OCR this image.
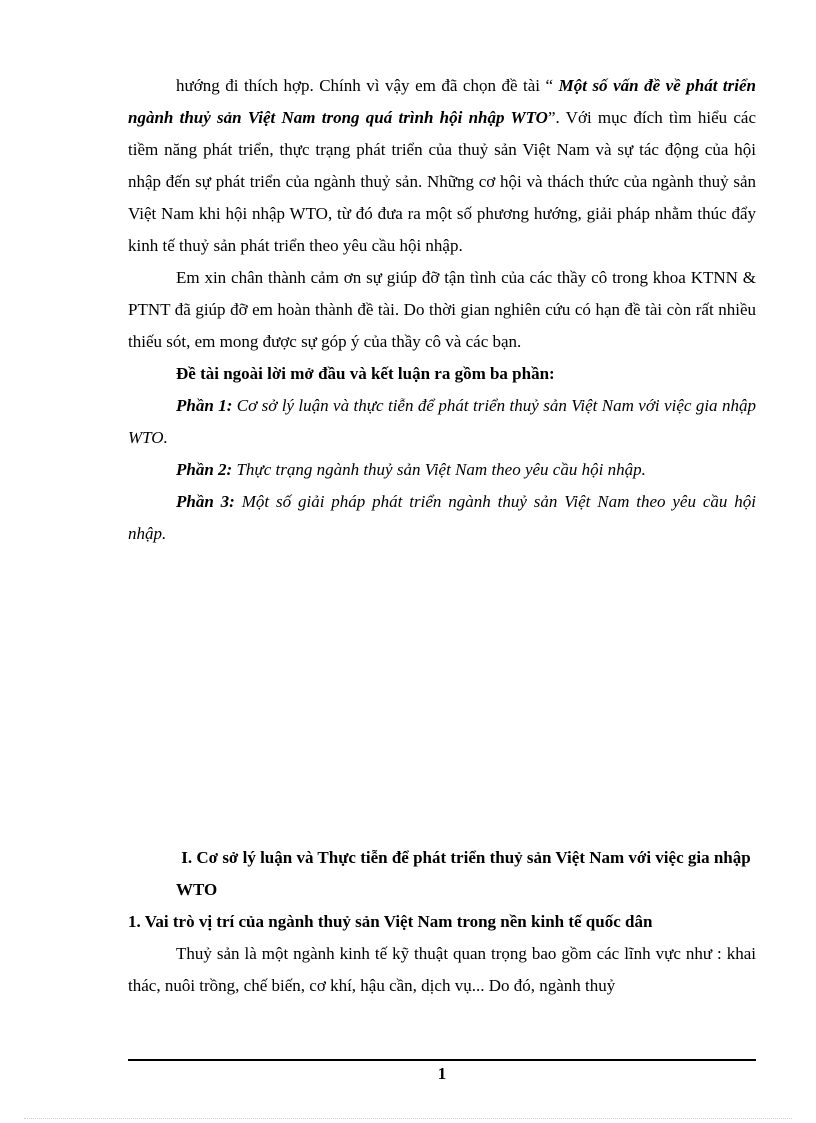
hướng đi thích hợp. Chính vì vậy em đã chọn đề tài “ Một số vấn đề về phát triển ngành thuỷ sản Việt Nam trong quá trình hội nhập WTO”. Với mục đích tìm hiểu các tiềm năng phát triển, thực trạng phát triển của thuỷ sản Việt Nam và sự tác động của hội nhập đến sự phát triển của ngành thuỷ sản. Những cơ hội và thách thức của ngành thuỷ sản Việt Nam khi hội nhập WTO, từ đó đưa ra một số phương hướng, giải pháp nhằm thúc đẩy kinh tế thuỷ sản phát triển theo yêu cầu hội nhập.

Em xin chân thành cảm ơn sự giúp đỡ tận tình của các thầy cô trong khoa KTNN & PTNT đã giúp đỡ em hoàn thành đề tài. Do thời gian nghiên cứu có hạn đề tài còn rất nhiều thiếu sót, em mong được sự góp ý của thầy cô và các bạn.

Đề tài ngoài lời mở đầu và kết luận ra gồm ba phần:

Phần 1: Cơ sở lý luận và thực tiễn để phát triển thuỷ sản Việt Nam với việc gia nhập WTO.

Phần 2: Thực trạng ngành thuỷ sản Việt Nam theo yêu cầu hội nhập.

Phần 3: Một số giải pháp phát triển ngành thuỷ sản Việt Nam theo yêu cầu hội nhập.

I. Cơ sở lý luận và Thực tiễn để phát triển thuỷ sản Việt Nam với việc gia nhập WTO

1. Vai trò vị trí của ngành thuỷ sản Việt Nam trong nền kinh tế quốc dân

Thuỷ sản là một ngành kinh tế kỹ thuật quan trọng bao gồm các lĩnh vực như : khai thác, nuôi trồng, chế biến, cơ khí, hậu cần, dịch vụ... Do đó, ngành thuỷ

1
